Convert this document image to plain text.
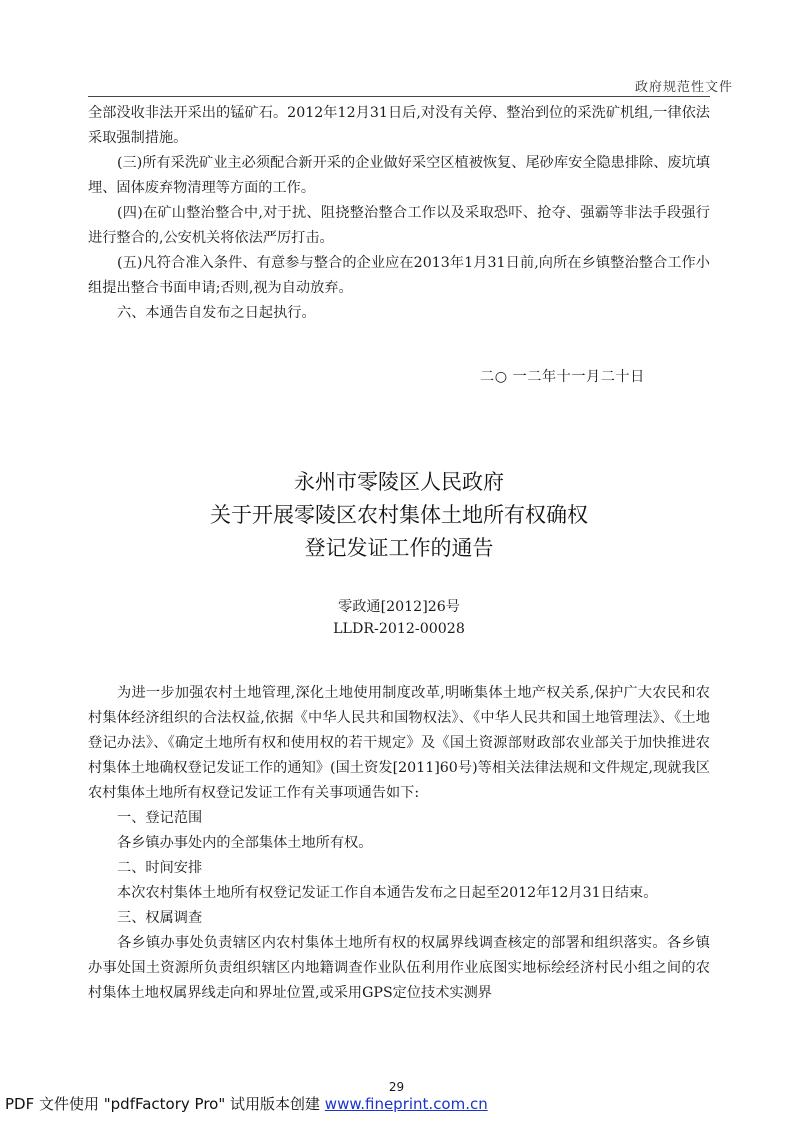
政府规范性文件

全部没收非法开采出的锰矿石。2012年12月31日后,对没有关停、整治到位的采洗矿机组,一律依法采取强制措施。

(三)所有采洗矿业主必须配合新开采的企业做好采空区植被恢复、尾砂库安全隐患排除、废坑填埋、固体废弃物清理等方面的工作。

(四)在矿山整治整合中,对于扰、阻挠整治整合工作以及采取恐吓、抢夺、强霸等非法手段强行进行整合的,公安机关将依法严厉打击。

(五)凡符合准入条件、有意参与整合的企业应在2013年1月31日前,向所在乡镇整治整合工作小组提出整合书面申请;否则,视为自动放弃。

六、本通告自发布之日起执行。

二○ 一二年十一月二十日
永州市零陵区人民政府
关于开展零陵区农村集体土地所有权确权
登记发证工作的通告
零政通[2012]26号
LLDR-2012-00028

为进一步加强农村土地管理,深化土地使用制度改革,明晰集体土地产权关系,保护广大农民和农村集体经济组织的合法权益,依据《中华人民共和国物权法》、《中华人民共和国土地管理法》、《土地登记办法》、《确定土地所有权和使用权的若干规定》及《国土资源部财政部农业部关于加快推进农村集体土地确权登记发证工作的通知》(国土资发[2011]60号)等相关法律法规和文件规定,现就我区农村集体土地所有权登记发证工作有关事项通告如下:

一、登记范围

各乡镇办事处内的全部集体土地所有权。

二、时间安排

本次农村集体土地所有权登记发证工作自本通告发布之日起至2012年12月31日结束。

三、权属调查

各乡镇办事处负责辖区内农村集体土地所有权的权属界线调查核定的部署和组织落实。各乡镇办事处国土资源所负责组织辖区内地籍调查作业队伍利用作业底图实地标绘经济村民小组之间的农村集体土地权属界线走向和界址位置,或采用GPS定位技术实测界

29
PDF 文件使用 "pdfFactory Pro" 试用版本创建 www.fineprint.com.cn
